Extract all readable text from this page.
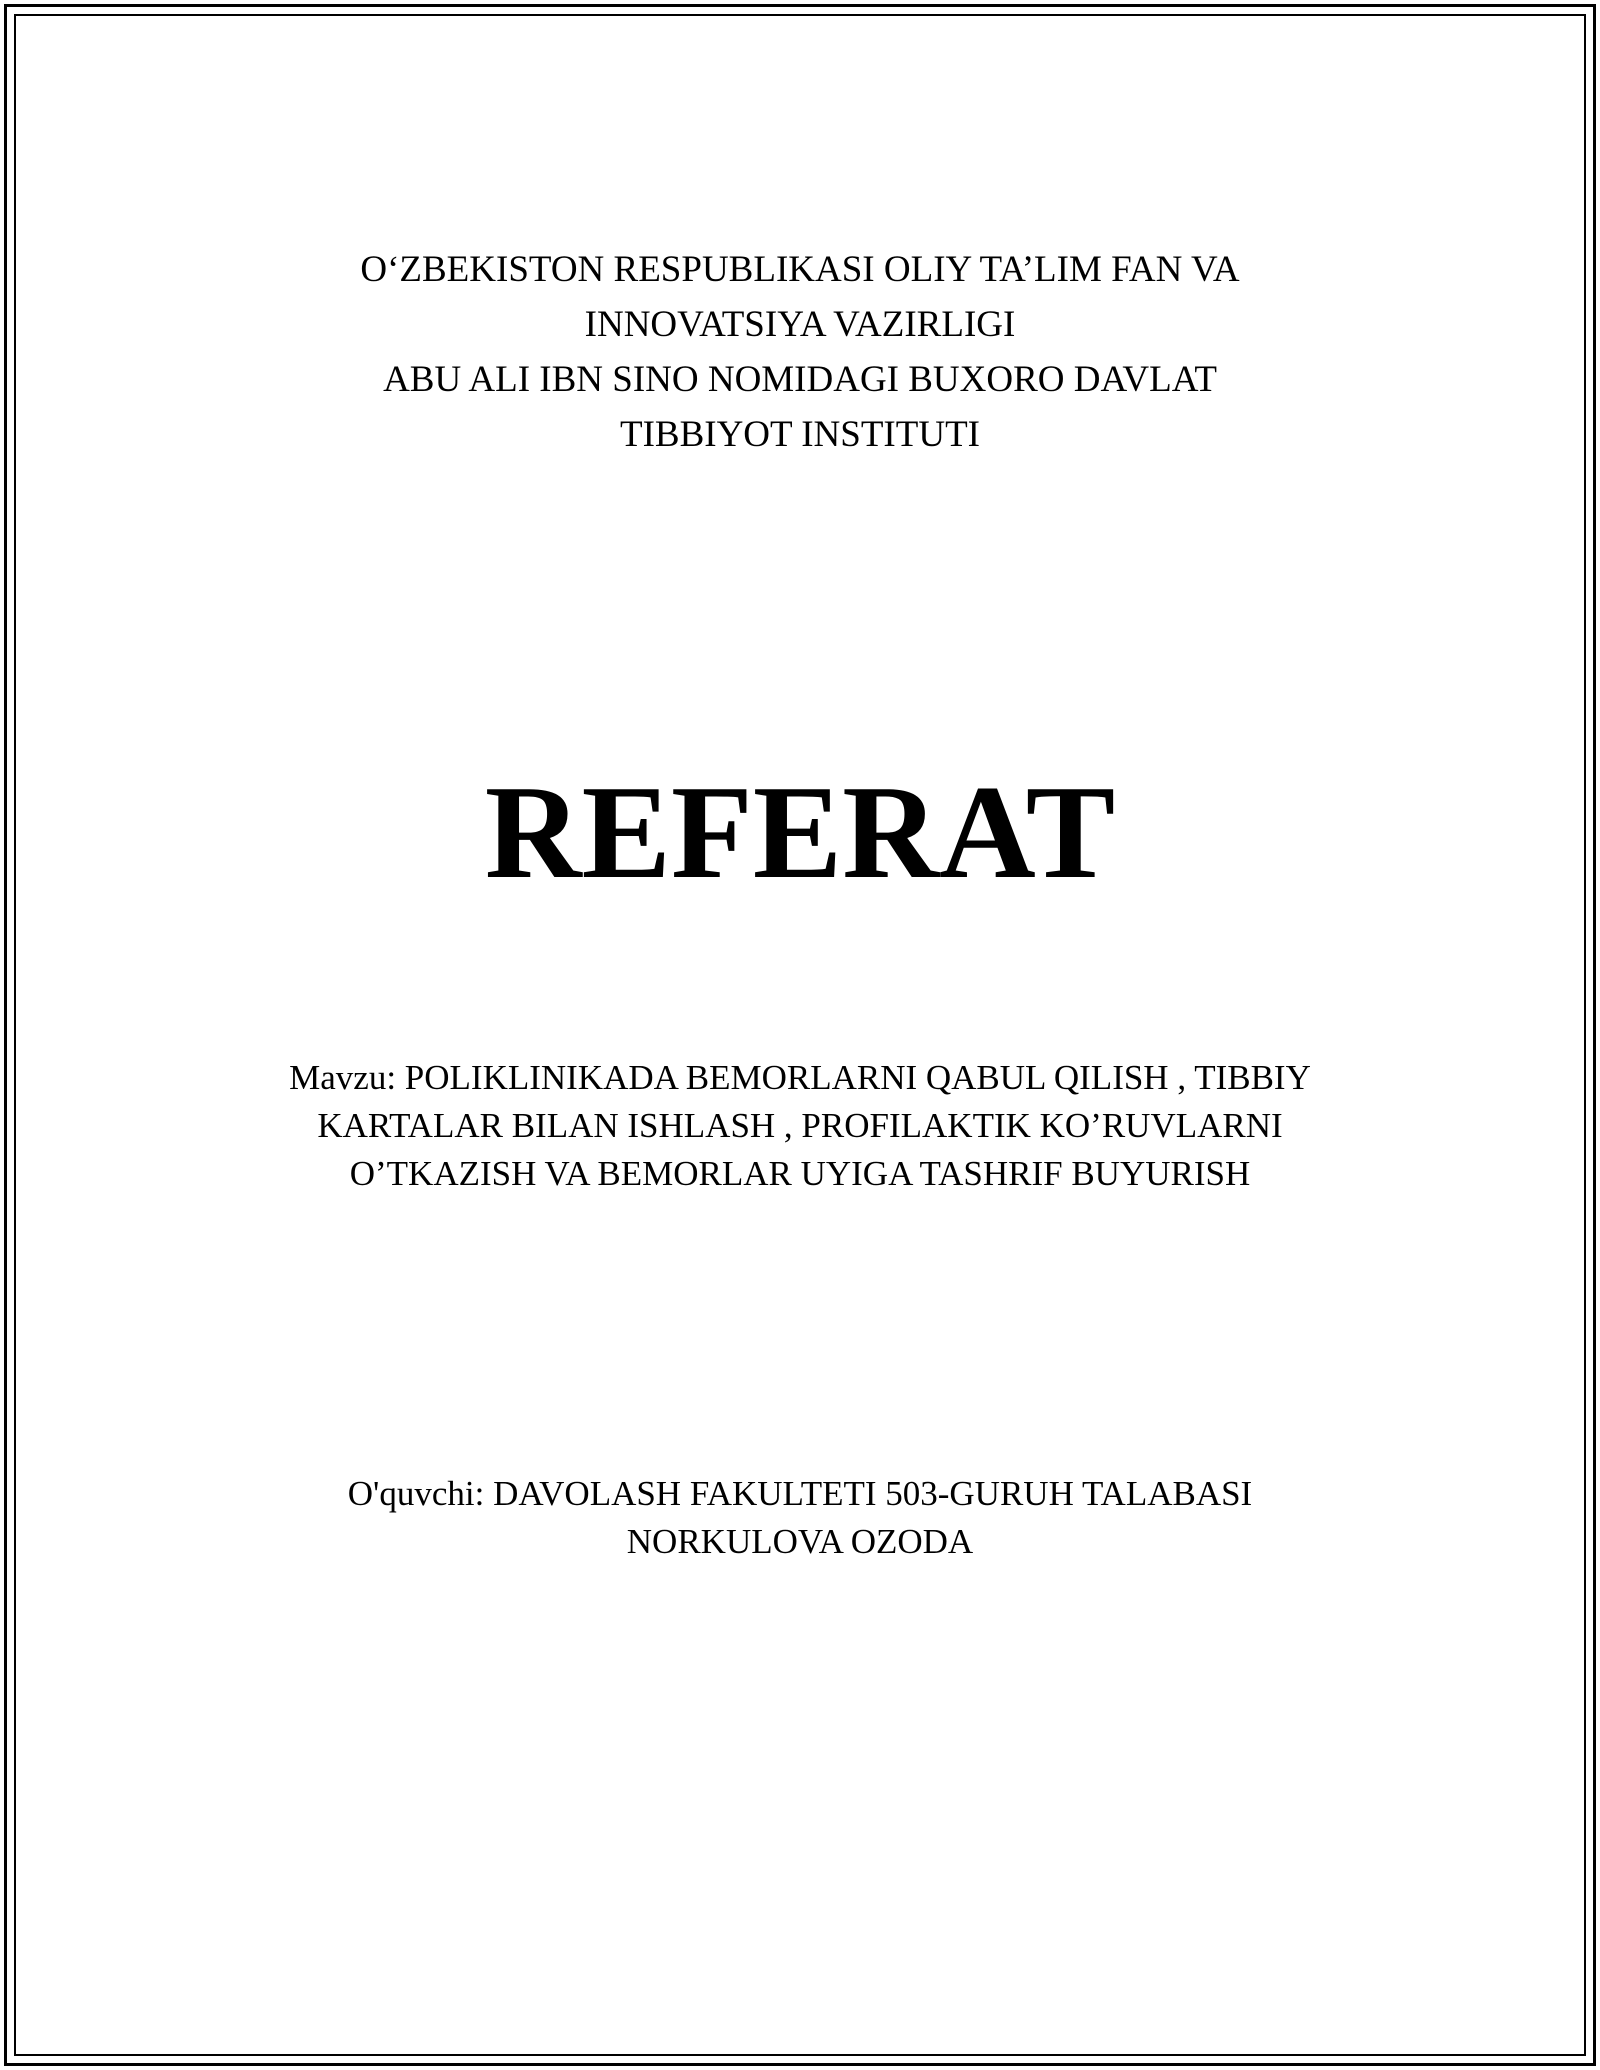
O‘ZBEKISTON RESPUBLIKASI OLIY TA’LIM FAN VA
INNOVATSIYA VAZIRLIGI
ABU ALI IBN SINO NOMIDAGI BUXORO DAVLAT
TIBBIYOT INSTITUTI
REFERAT
Mavzu: POLIKLINIKADA BEMORLARNI QABUL QILISH , TIBBIY
KARTALAR BILAN ISHLASH , PROFILAKTIK KO’RUVLARNI
O’TKAZISH VA BEMORLAR UYIGA TASHRIF BUYURISH
O'quvchi: DAVOLASH FAKULTETI 503-GURUH TALABASI
NORKULOVA OZODA
